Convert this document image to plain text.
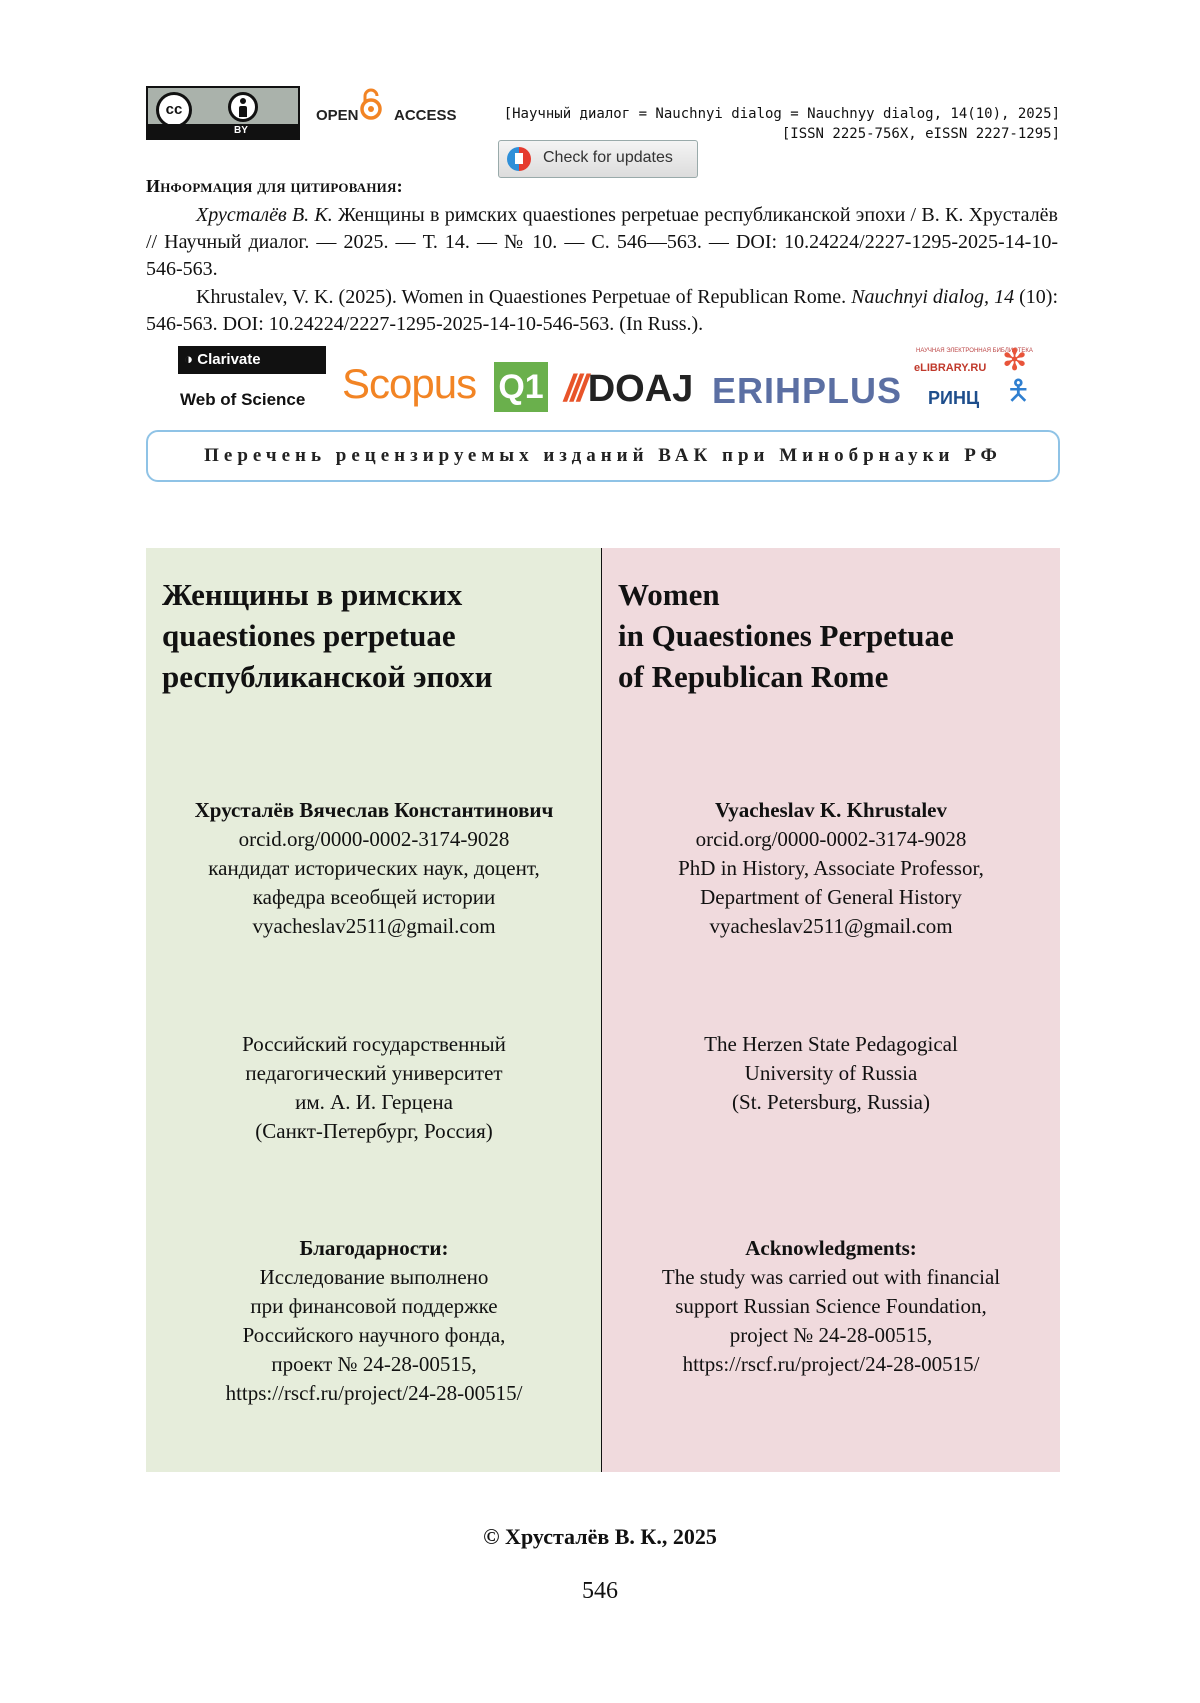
cc
BY
OPEN ACCESS	[Научный диалог = Nauchnyi dialog = Nauchnyy dialog, 14(10), 2025]
[ISSN 2225-756X, eISSN 2227-1295]
Check for updates
Информация для цитирования:
Хрусталёв В. К. Женщины в римских quaestiones perpetuae республиканской эпохи / В. К. Хрусталёв // Научный диалог. — 2025. — Т. 14. — № 10. — С. 546—563. — DOI: 10.24224/2227-1295-2025-14-10-546-563.
Khrustalev, V. K. (2025). Women in Quaestiones Perpetuae of Republican Rome. Nauchnyi dialog, 14 (10): 546-563. DOI: 10.24224/2227-1295-2025-14-10-546-563. (In Russ.).
◑ Clarivate
Web of Science Scopus Q1 /// DOAJ ERIHPLUS
НАУЧНАЯ ЭЛЕКТРОННАЯ БИБЛИОТЕКА
eLIBRARY.RU
РИНЦ
✻
🯅
Перечень рецензируемых изданий ВАК при Минобрнауки РФ
Женщины в римских
quaestiones perpetuae
республиканской эпохи
Хрусталёв Вячеслав Константинович
orcid.org/0000-0002-3174-9028
кандидат исторических наук, доцент,
кафедра всеобщей истории
vyacheslav2511@gmail.com
Российский государственный
педагогический университет
им. А. И. Герцена
(Санкт-Петербург, Россия)
Благодарности:
Исследование выполнено
при финансовой поддержке
Российского научного фонда,
проект № 24-28-00515,
https://rscf.ru/project/24-28-00515/
Women
in Quaestiones Perpetuae
of Republican Rome
Vyacheslav K. Khrustalev
orcid.org/0000-0002-3174-9028
PhD in History, Associate Professor,
Department of General History
vyacheslav2511@gmail.com
The Herzen State Pedagogical
University of Russia
(St. Petersburg, Russia)
Acknowledgments:
The study was carried out with financial
support Russian Science Foundation,
project № 24-28-00515,
https://rscf.ru/project/24-28-00515/
© Хрусталёв В. К., 2025
546
